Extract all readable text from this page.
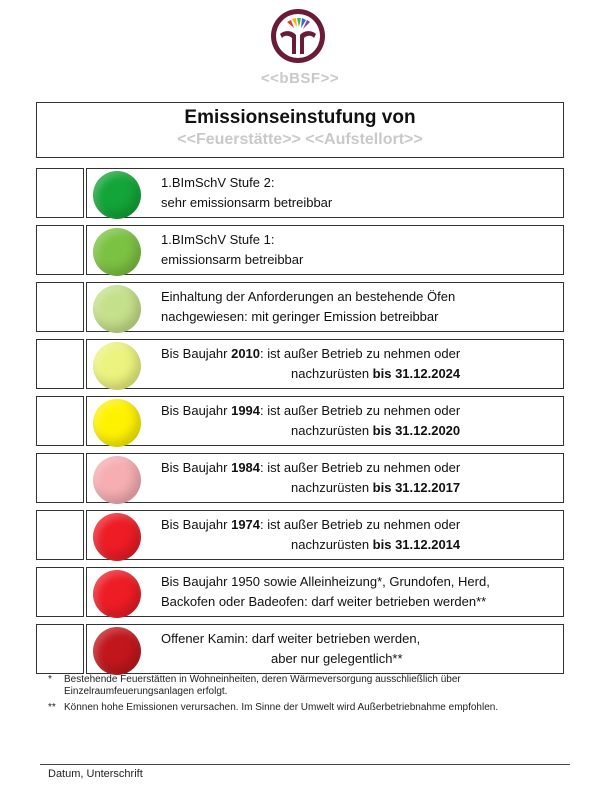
<<bBSF>>
Emissionseinstufung von
<<Feuerstätte>> <<Aufstellort>>
1.BImSchV Stufe 2:
sehr emissionsarm betreibbar
1.BImSchV Stufe 1:
emissionsarm betreibbar
Einhaltung der Anforderungen an bestehende Öfen
nachgewiesen: mit geringer Emission betreibbar
Bis Baujahr 2010: ist außer Betrieb zu nehmen oder
nachzurüsten bis 31.12.2024
Bis Baujahr 1994: ist außer Betrieb zu nehmen oder
nachzurüsten bis 31.12.2020
Bis Baujahr 1984: ist außer Betrieb zu nehmen oder
nachzurüsten bis 31.12.2017
Bis Baujahr 1974: ist außer Betrieb zu nehmen oder
nachzurüsten bis 31.12.2014
Bis Baujahr 1950 sowie Alleinheizung*, Grundofen, Herd,
Backofen oder Badeofen: darf weiter betrieben werden**
Offener Kamin: darf weiter betrieben werden,
aber nur gelegentlich**
* Bestehende Feuerstätten in Wohneinheiten, deren Wärmeversorgung ausschließlich über Einzelraumfeuerungsanlagen erfolgt.
** Können hohe Emissionen verursachen. Im Sinne der Umwelt wird Außerbetriebnahme empfohlen.
Datum, Unterschrift
